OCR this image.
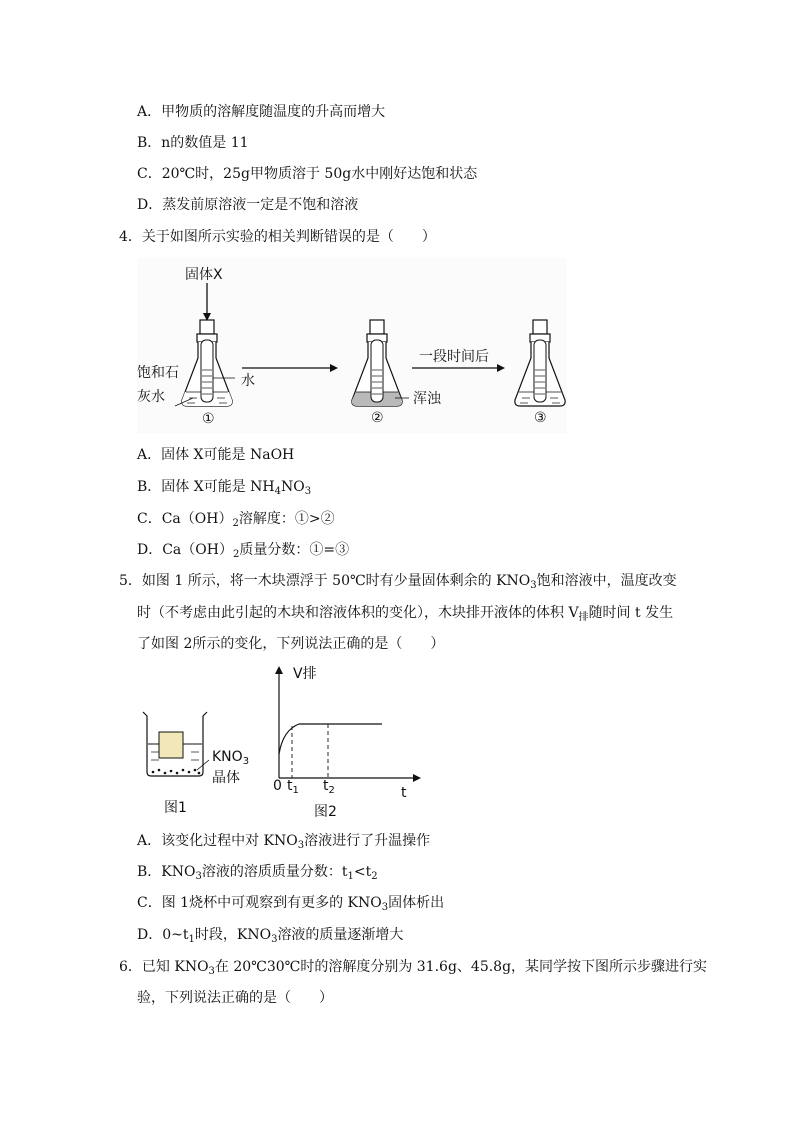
A．甲物质的溶解度随温度的升高而增大
B．n的数值是 11
C．20℃时，25g甲物质溶于 50g水中刚好达饱和状态
D．蒸发前原溶液一定是不饱和溶液
4．关于如图所示实验的相关判断错误的是（　　）
固体X
水
饱和石
灰水	浑浊
一段时间后
①	②	③
A．固体 X可能是 NaOH
B．固体 X可能是 $NH_4NO_3$
C．$Ca(OH)_2$溶解度：①>②
D．$Ca(OH)_2$质量分数：①=③
5．如图 1 所示，将一木块漂浮于 50℃时有少量固体剩余的 $KNO_3$饱和溶液中，温度改变
时（不考虑由此引起的木块和溶液体积的变化），木块排开液体的体积 $V_排$随时间 t 发生
了如图 2所示的变化，下列说法正确的是（　　）
$KNO_3$
晶体
图1	图2
V排
t
0 $t_1$ $t_2$
A．该变化过程中对 $KNO_3$溶液进行了升温操作
B．$KNO_3$溶液的溶质质量分数：$t_1<t_2$
C．图 1烧杯中可观察到有更多的 $KNO_3$固体析出
D．$0\sim t_1$时段，$KNO_3$溶液的质量逐渐增大
6．已知 $KNO_3$在 20℃30℃时的溶解度分别为 31.6g、45.8g，某同学按下图所示步骤进行实
验，下列说法正确的是（　　）
